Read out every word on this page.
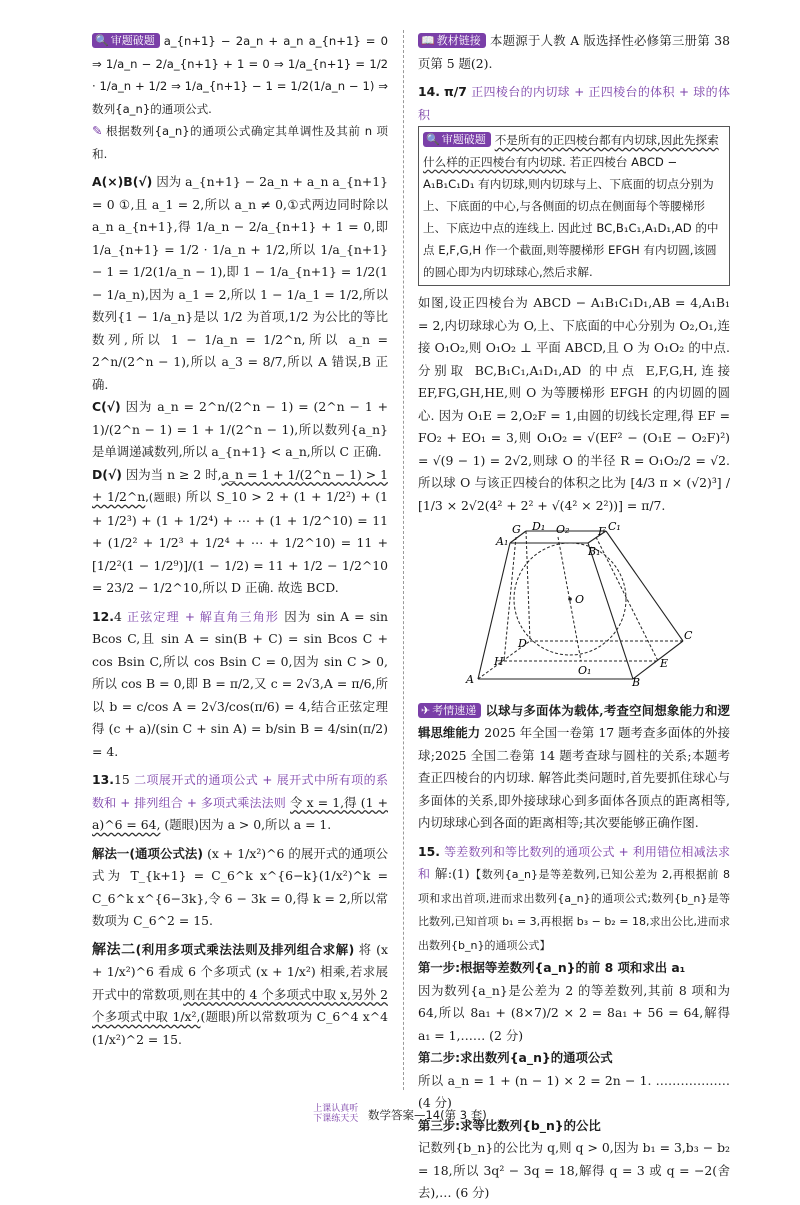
🔍 审题破题 a_{n+1} − 2a_n + a_n a_{n+1} = 0 ⇒ 1/a_n − 2/a_{n+1} + 1 = 0 ⇒ 1/a_{n+1} = 1/2 · 1/a_n + 1/2 ⇒ 1/a_{n+1} − 1 = 1/2(1/a_n − 1) ⇒ 数列{a_n}的通项公式.

✎ 根据数列{a_n}的通项公式确定其单调性及其前 n 项和.

A(×)B(√) 因为 a_{n+1} − 2a_n + a_n a_{n+1} = 0 ①,且 a_1 = 2,所以 a_n ≠ 0,①式两边同时除以 a_n a_{n+1},得 1/a_n − 2/a_{n+1} + 1 = 0,即 1/a_{n+1} = 1/2 · 1/a_n + 1/2,所以 1/a_{n+1} − 1 = 1/2(1/a_n − 1),即 1 − 1/a_{n+1} = 1/2(1 − 1/a_n),因为 a_1 = 2,所以 1 − 1/a_1 = 1/2,所以数列{1 − 1/a_n}是以 1/2 为首项,1/2 为公比的等比数列,所以 1 − 1/a_n = 1/2^n,所以 a_n = 2^n/(2^n − 1),所以 a_3 = 8/7,所以 A 错误,B 正确.

C(√) 因为 a_n = 2^n/(2^n − 1) = (2^n − 1 + 1)/(2^n − 1) = 1 + 1/(2^n − 1),所以数列{a_n}是单调递减数列,所以 a_{n+1} < a_n,所以 C 正确.

D(√) 因为当 n ≥ 2 时,a_n = 1 + 1/(2^n − 1) > 1 + 1/2^n,(题眼) 所以 S_10 > 2 + (1 + 1/2²) + (1 + 1/2³) + (1 + 1/2⁴) + ⋯ + (1 + 1/2^10) = 11 + (1/2² + 1/2³ + 1/2⁴ + ⋯ + 1/2^10) = 11 + [1/2²(1 − 1/2⁹)]/(1 − 1/2) = 11 + 1/2 − 1/2^10 = 23/2 − 1/2^10,所以 D 正确. 故选 BCD.

12.4 正弦定理 + 解直角三角形 因为 sin A = sin Bcos C,且 sin A = sin(B + C) = sin Bcos C + cos Bsin C,所以 cos Bsin C = 0,因为 sin C > 0,所以 cos B = 0,即 B = π/2,又 c = 2√3,A = π/6,所以 b = c/cos A = 2√3/cos(π/6) = 4,结合正弦定理得 (c + a)/(sin C + sin A) = b/sin B = 4/sin(π/2) = 4.

13.15 二项展开式的通项公式 + 展开式中所有项的系数和 + 排列组合 + 多项式乘法法则 令 x = 1,得 (1 + a)^6 = 64, (题眼)因为 a > 0,所以 a = 1.

解法一(通项公式法) (x + 1/x²)^6 的展开式的通项公式为 T_{k+1} = C_6^k x^{6−k}(1/x²)^k = C_6^k x^{6−3k},令 6 − 3k = 0,得 k = 2,所以常数项为 C_6^2 = 15.

解法二(利用多项式乘法法则及排列组合求解) 将 (x + 1/x²)^6 看成 6 个多项式 (x + 1/x²) 相乘,若求展开式中的常数项,则在其中的 4 个多项式中取 x,另外 2 个多项式中取 1/x²,(题眼)所以常数项为 C_6^4 x^4 (1/x²)^2 = 15.

📖 教材链接 本题源于人教 A 版选择性必修第三册第 38 页第 5 题(2).

14. π/7 正四棱台的内切球 + 正四棱台的体积 + 球的体积

🔍 审题破题 不是所有的正四棱台都有内切球,因此先探索什么样的正四棱台有内切球. 若正四棱台 ABCD − A₁B₁C₁D₁ 有内切球,则内切球与上、下底面的切点分别为上、下底面的中心,与各侧面的切点在侧面每个等腰梯形上、下底边中点的连线上. 因此过 BC,B₁C₁,A₁D₁,AD 的中点 E,F,G,H 作一个截面,则等腰梯形 EFGH 有内切圆,该圆的圆心即为内切球球心,然后求解.

如图,设正四棱台为 ABCD − A₁B₁C₁D₁,AB = 4,A₁B₁ = 2,内切球球心为 O,上、下底面的中心分别为 O₂,O₁,连接 O₁O₂,则 O₁O₂ ⊥ 平面 ABCD,且 O 为 O₁O₂ 的中点. 分别取 BC,B₁C₁,A₁D₁,AD 的中点 E,F,G,H,连接 EF,FG,GH,HE,则 O 为等腰梯形 EFGH 的内切圆的圆心. 因为 O₁E = 2,O₂F = 1,由圆的切线长定理,得 EF = FO₂ + EO₁ = 3,则 O₁O₂ = √(EF² − (O₁E − O₂F)²) = √(9 − 1) = 2√2,则球 O 的半径 R = O₁O₂/2 = √2. 所以球 O 与该正四棱台的体积之比为 [4/3 π × (√2)³] / [1/3 × 2√2(4² + 2² + √(4² × 2²))] = π/7.

A	B
C
D
A₁
B₁
C₁
D₁
E
F
G
H
O
O₁
O₂

✈ 考情速递 以球与多面体为载体,考查空间想象能力和逻辑思维能力 2025 年全国一卷第 17 题考查多面体的外接球;2025 全国二卷第 14 题考查球与圆柱的关系;本题考查正四棱台的内切球. 解答此类问题时,首先要抓住球心与多面体的关系,即外接球球心到多面体各顶点的距离相等,内切球球心到各面的距离相等;其次要能够正确作图.

15. 等差数列和等比数列的通项公式 + 利用错位相减法求和 解:(1)【数列{a_n}是等差数列,已知公差为 2,再根据前 8 项和求出首项,进而求出数列{a_n}的通项公式;数列{b_n}是等比数列,已知首项 b₁ = 3,再根据 b₃ − b₂ = 18,求出公比,进而求出数列{b_n}的通项公式】

第一步:根据等差数列{a_n}的前 8 项和求出 a₁
因为数列{a_n}是公差为 2 的等差数列,其前 8 项和为 64,所以 8a₁ + (8×7)/2 × 2 = 8a₁ + 56 = 64,解得 a₁ = 1,…… (2 分)

第二步:求出数列{a_n}的通项公式
所以 a_n = 1 + (n − 1) × 2 = 2n − 1. ……………… (4 分)

第三步:求等比数列{b_n}的公比
记数列{b_n}的公比为 q,则 q > 0,因为 b₁ = 3,b₃ − b₂ = 18,所以 3q² − 3q = 18,解得 q = 3 或 q = −2(舍去),… (6 分)

上课认真听
下课练天天 数学答案—14(第 3 套)
